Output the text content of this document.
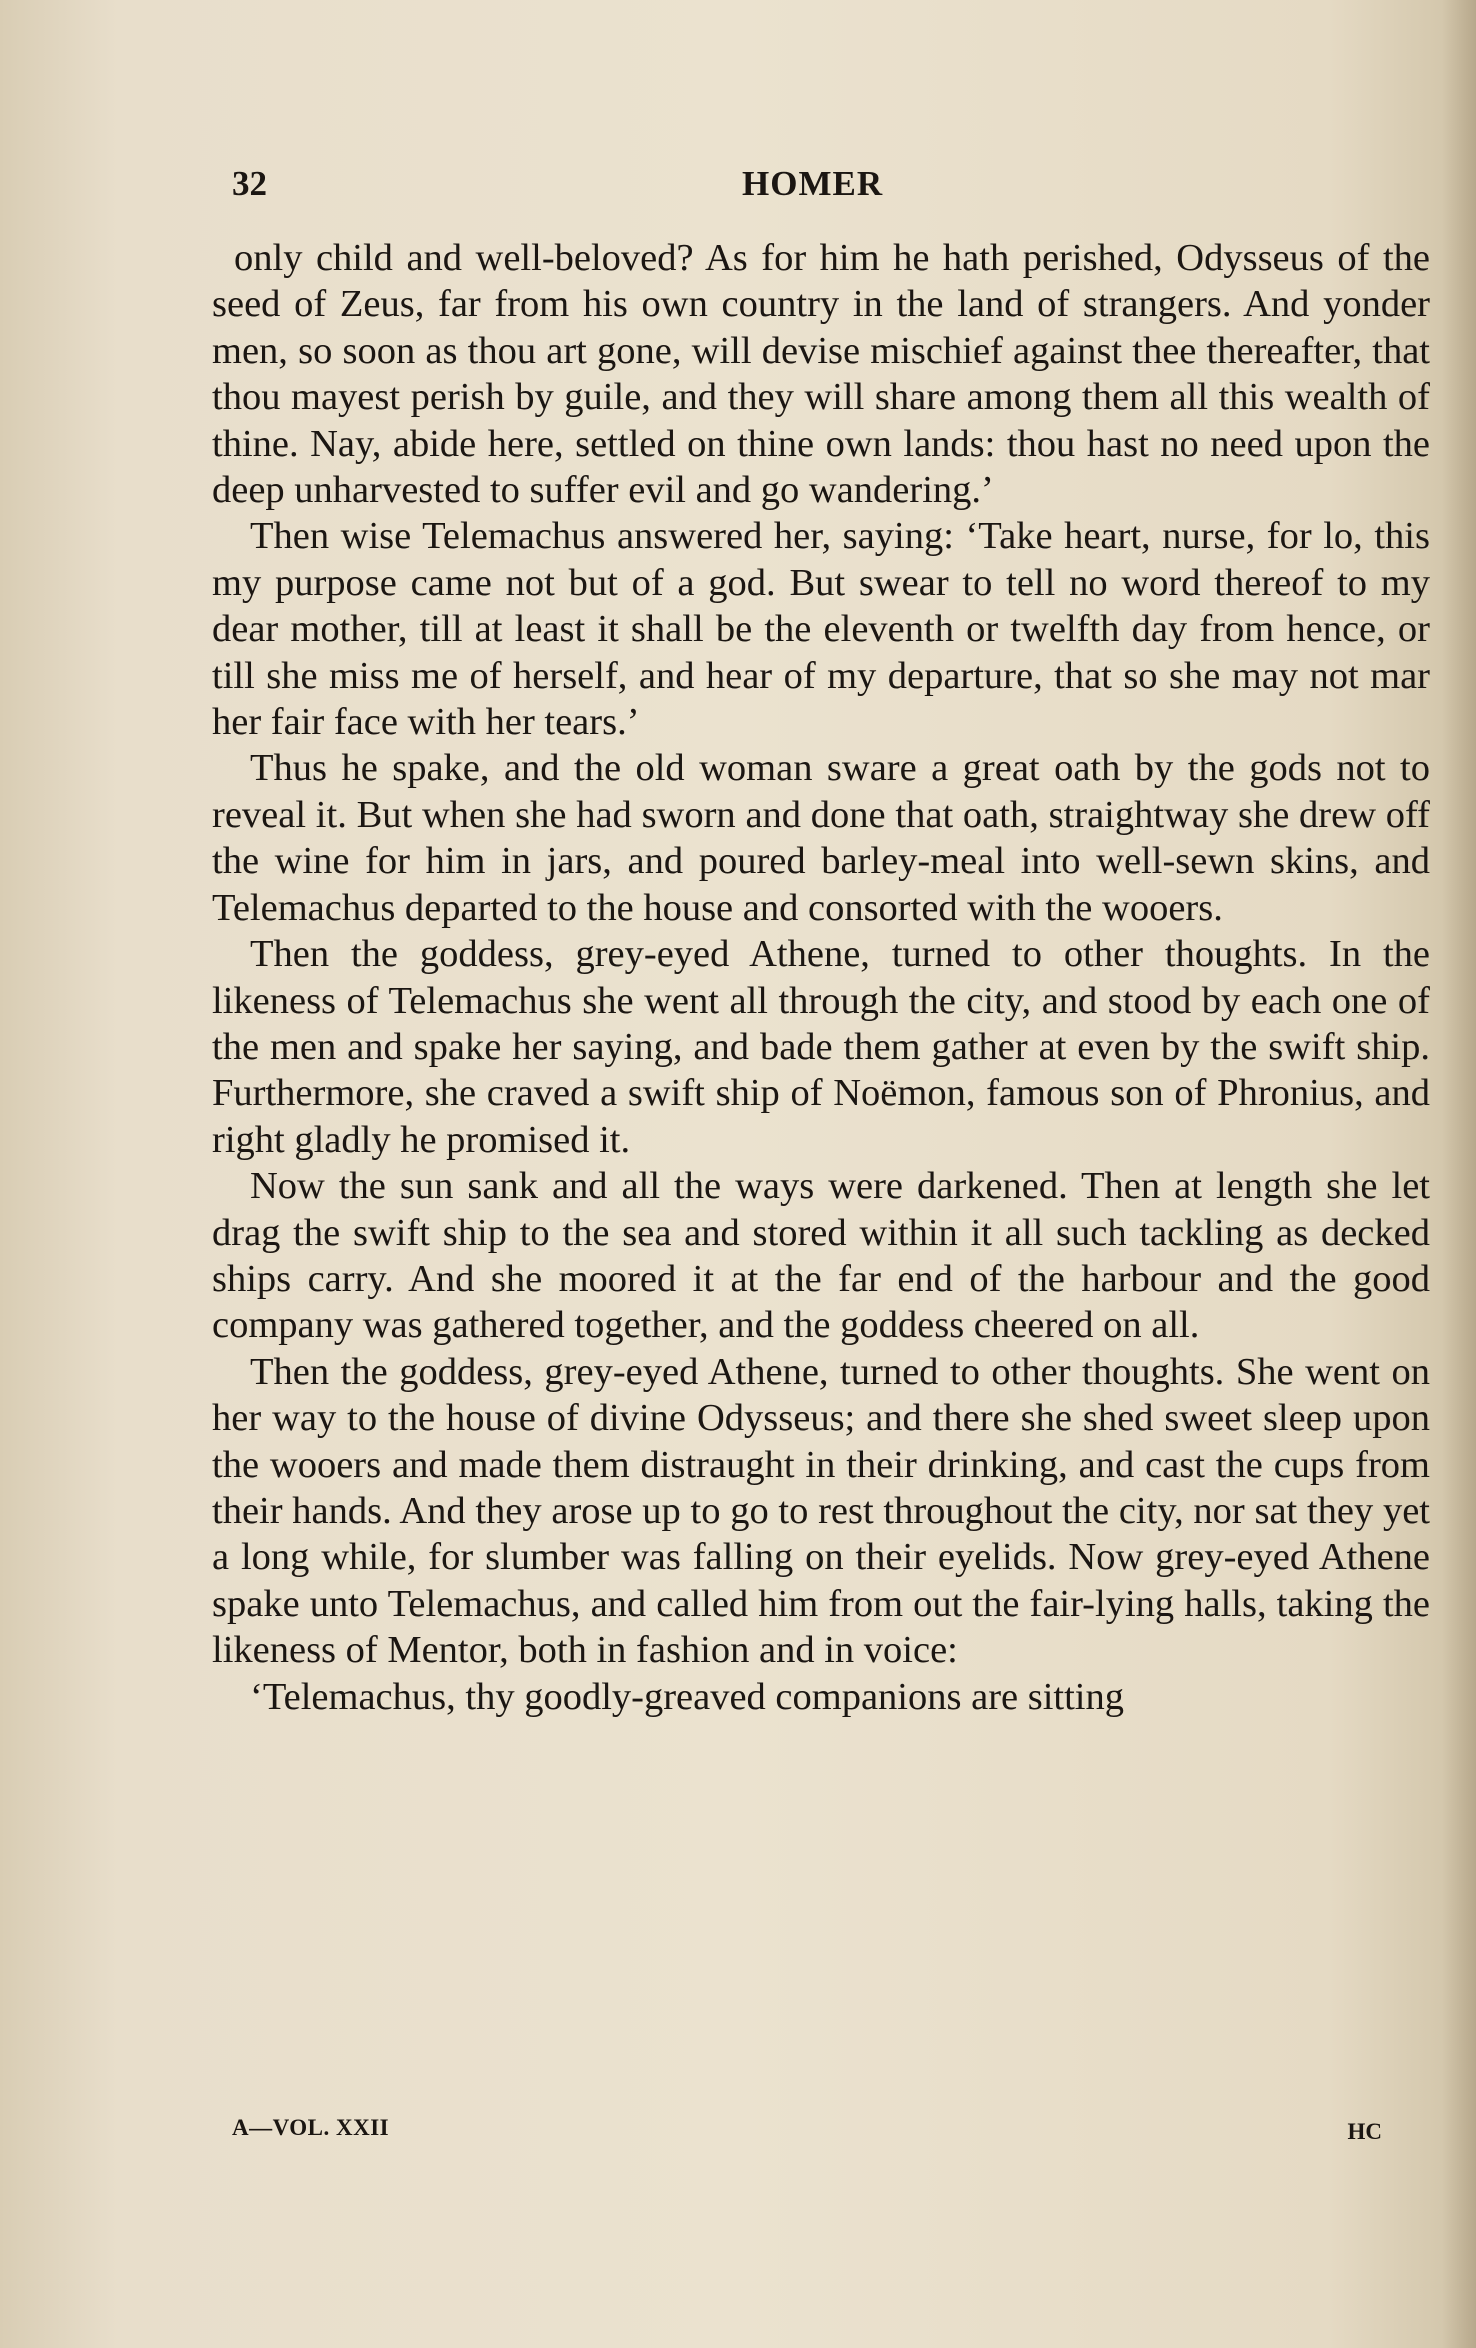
32	HOMER

only child and well-beloved? As for him he hath perished, Odysseus of the seed of Zeus, far from his own country in the land of strangers. And yonder men, so soon as thou art gone, will devise mischief against thee thereafter, that thou mayest perish by guile, and they will share among them all this wealth of thine. Nay, abide here, settled on thine own lands: thou hast no need upon the deep unharvested to suffer evil and go wandering.’

Then wise Telemachus answered her, saying: ‘Take heart, nurse, for lo, this my purpose came not but of a god. But swear to tell no word thereof to my dear mother, till at least it shall be the eleventh or twelfth day from hence, or till she miss me of herself, and hear of my departure, that so she may not mar her fair face with her tears.’

Thus he spake, and the old woman sware a great oath by the gods not to reveal it. But when she had sworn and done that oath, straightway she drew off the wine for him in jars, and poured barley-meal into well-sewn skins, and Telemachus departed to the house and consorted with the wooers.

Then the goddess, grey-eyed Athene, turned to other thoughts. In the likeness of Telemachus she went all through the city, and stood by each one of the men and spake her saying, and bade them gather at even by the swift ship. Furthermore, she craved a swift ship of Noëmon, famous son of Phronius, and right gladly he promised it.

Now the sun sank and all the ways were darkened. Then at length she let drag the swift ship to the sea and stored within it all such tackling as decked ships carry. And she moored it at the far end of the harbour and the good company was gathered together, and the goddess cheered on all.

Then the goddess, grey-eyed Athene, turned to other thoughts. She went on her way to the house of divine Odysseus; and there she shed sweet sleep upon the wooers and made them distraught in their drinking, and cast the cups from their hands. And they arose up to go to rest throughout the city, nor sat they yet a long while, for slumber was falling on their eyelids. Now grey-eyed Athene spake unto Telemachus, and called him from out the fair-lying halls, taking the likeness of Mentor, both in fashion and in voice:

‘Telemachus, thy goodly-greaved companions are sitting

A—VOL. XXII	HC
